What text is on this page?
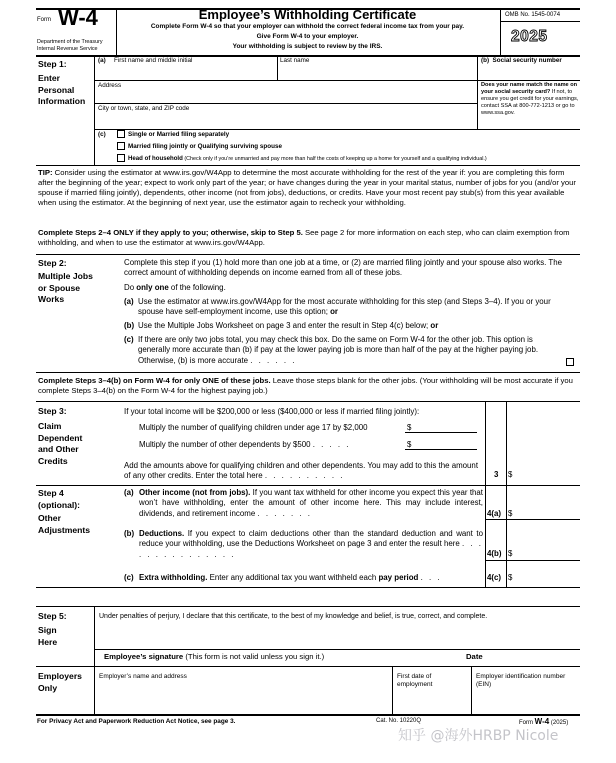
Form W-4
Department of the Treasury
Internal Revenue Service
Employee’s Withholding Certificate
Complete Form W-4 so that your employer can withhold the correct federal income tax from your pay.
Give Form W-4 to your employer.
Your withholding is subject to review by the IRS.
OMB No. 1545-0074
2025
Step 1:
Enter
Personal
Information
(a) First name and middle initial	Last name	(b) Social security number
Address
City or town, state, and ZIP code
Does your name match the name on your social security card? If not, to ensure you get credit for your earnings, contact SSA at 800-772-1213 or go to www.ssa.gov.
(c)	Single or Married filing separately
Married filing jointly or Qualifying surviving spouse
Head of household (Check only if you’re unmarried and pay more than half the costs of keeping up a home for yourself and a qualifying individual.)
TIP: Consider using the estimator at www.irs.gov/W4App to determine the most accurate withholding for the rest of the year if: you are completing this form after the beginning of the year; expect to work only part of the year; or have changes during the year in your marital status, number of jobs for you (and/or your spouse if married filing jointly), dependents, other income (not from jobs), deductions, or credits. Have your most recent pay stub(s) from this year available when using the estimator. At the beginning of next year, use the estimator again to recheck your withholding.
Complete Steps 2–4 ONLY if they apply to you; otherwise, skip to Step 5. See page 2 for more information on each step, who can claim exemption from withholding, and when to use the estimator at www.irs.gov/W4App.
Step 2:
Multiple Jobs
or Spouse
Works
Complete this step if you (1) hold more than one job at a time, or (2) are married filing jointly and your spouse also works. The correct amount of withholding depends on income earned from all of these jobs.
Do only one of the following.
(a) Use the estimator at www.irs.gov/W4App for the most accurate withholding for this step (and Steps 3–4). If you or your spouse have self-employment income, use this option; or
(b) Use the Multiple Jobs Worksheet on page 3 and enter the result in Step 4(c) below; or
(c) If there are only two jobs total, you may check this box. Do the same on Form W-4 for the other job. This option is generally more accurate than (b) if pay at the lower paying job is more than half of the pay at the higher paying job. Otherwise, (b) is more accurate . . . . . .
Complete Steps 3–4(b) on Form W-4 for only ONE of these jobs. Leave those steps blank for the other jobs. (Your withholding will be most accurate if you complete Steps 3–4(b) on the Form W-4 for the highest paying job.)
Step 3:
Claim
Dependent
and Other
Credits
If your total income will be $200,000 or less ($400,000 or less if married filing jointly):
Multiply the number of qualifying children under age 17 by $2,000	$
Multiply the number of other dependents by $500 . . . . .	$
Add the amounts above for qualifying children and other dependents. You may add to this the amount of any other credits. Enter the total here . . . . . . . . . .	3 $
Step 4
(optional):
Other
Adjustments
(a) Other income (not from jobs). If you want tax withheld for other income you expect this year that won’t have withholding, enter the amount of other income here. This may include interest, dividends, and retirement income . . . . . . .	4(a) $
(b) Deductions. If you expect to claim deductions other than the standard deduction and want to reduce your withholding, use the Deductions Worksheet on page 3 and enter the result here . . . . . . . . . . . . . . .	4(b) $
(c) Extra withholding. Enter any additional tax you want withheld each pay period . . .	4(c) $
Step 5:
Sign
Here
Under penalties of perjury, I declare that this certificate, to the best of my knowledge and belief, is true, correct, and complete.
Employee’s signature (This form is not valid unless you sign it.)	Date
Employers
Only
Employer’s name and address	First date of employment
Employer identification number (EIN)
For Privacy Act and Paperwork Reduction Act Notice, see page 3.	Cat. No. 10220Q	Form W-4 (2025)
知乎 @海外HRBP Nicole
